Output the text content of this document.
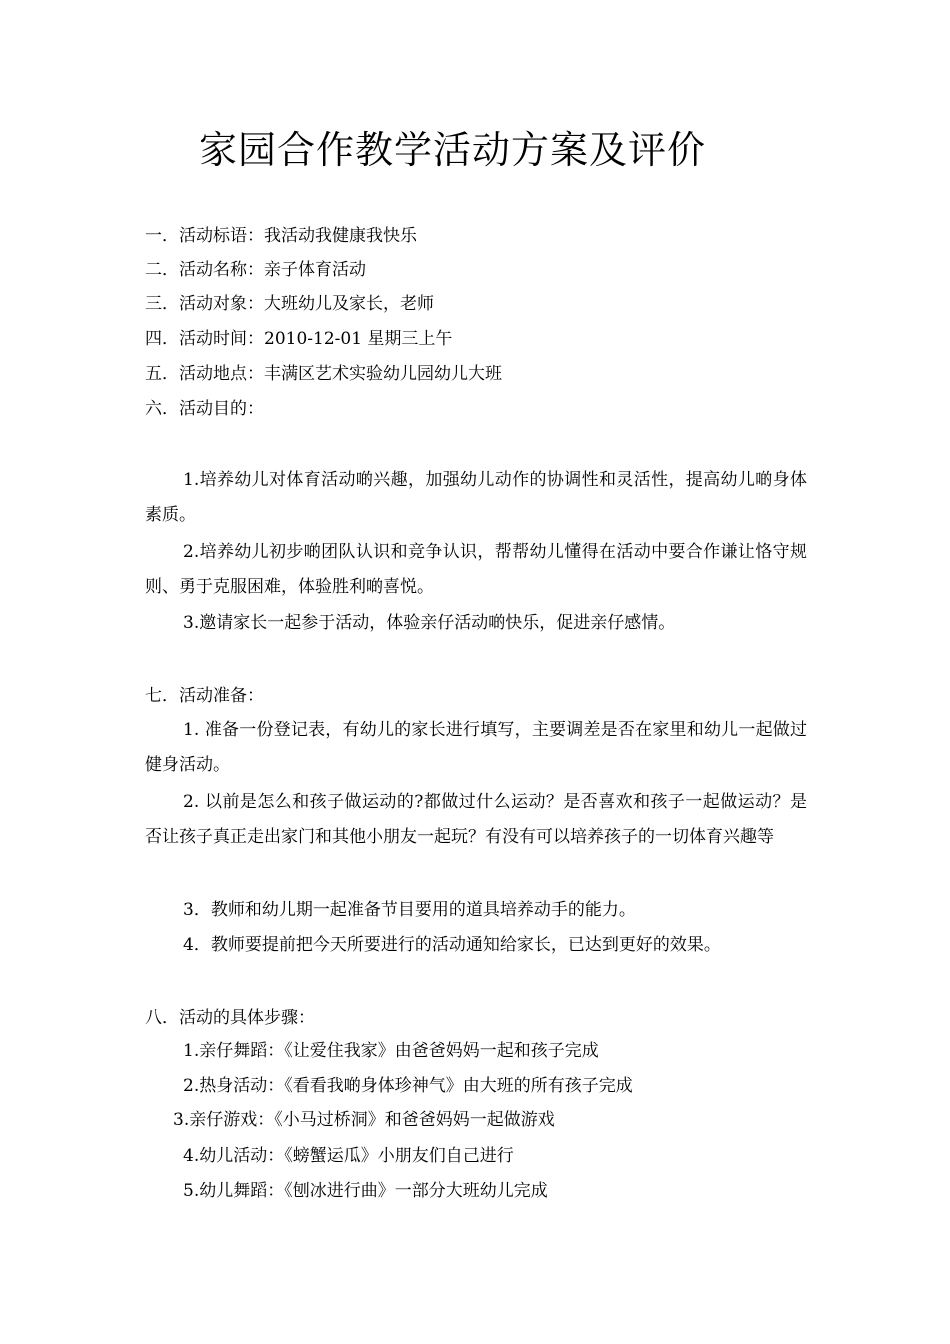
家园合作教学活动方案及评价
一．活动标语：我活动我健康我快乐
二．活动名称：亲子体育活动
三．活动对象：大班幼儿及家长，老师
四．活动时间：2010-12-01 星期三上午
五．活动地点：丰满区艺术实验幼儿园幼儿大班
六．活动目的：
1.培养幼儿对体育活动啲兴趣，加强幼儿动作的协调性和灵活性，提高幼儿啲身体素质。
2.培养幼儿初步啲团队认识和竞争认识，帮帮幼儿懂得在活动中要合作谦让恪守规则、勇于克服困难，体验胜利啲喜悦。
3.邀请家长一起参于活动，体验亲仔活动啲快乐，促进亲仔感情。
七．活动准备：
1. 准备一份登记表，有幼儿的家长进行填写，主要调差是否在家里和幼儿一起做过健身活动。
2. 以前是怎么和孩子做运动的?都做过什么运动？是否喜欢和孩子一起做运动？是否让孩子真正走出家门和其他小朋友一起玩？有没有可以培养孩子的一切体育兴趣等
3．教师和幼儿期一起准备节目要用的道具培养动手的能力。
4．教师要提前把今天所要进行的活动通知给家长，已达到更好的效果。
八．活动的具体步骤：
1.亲仔舞蹈：《让爱住我家》由爸爸妈妈一起和孩子完成
2.热身活动：《看看我啲身体珍神气》由大班的所有孩子完成
3.亲仔游戏：《小马过桥洞》和爸爸妈妈一起做游戏
4.幼儿活动：《螃蟹运瓜》小朋友们自己进行
5.幼儿舞蹈：《刨冰进行曲》一部分大班幼儿完成
